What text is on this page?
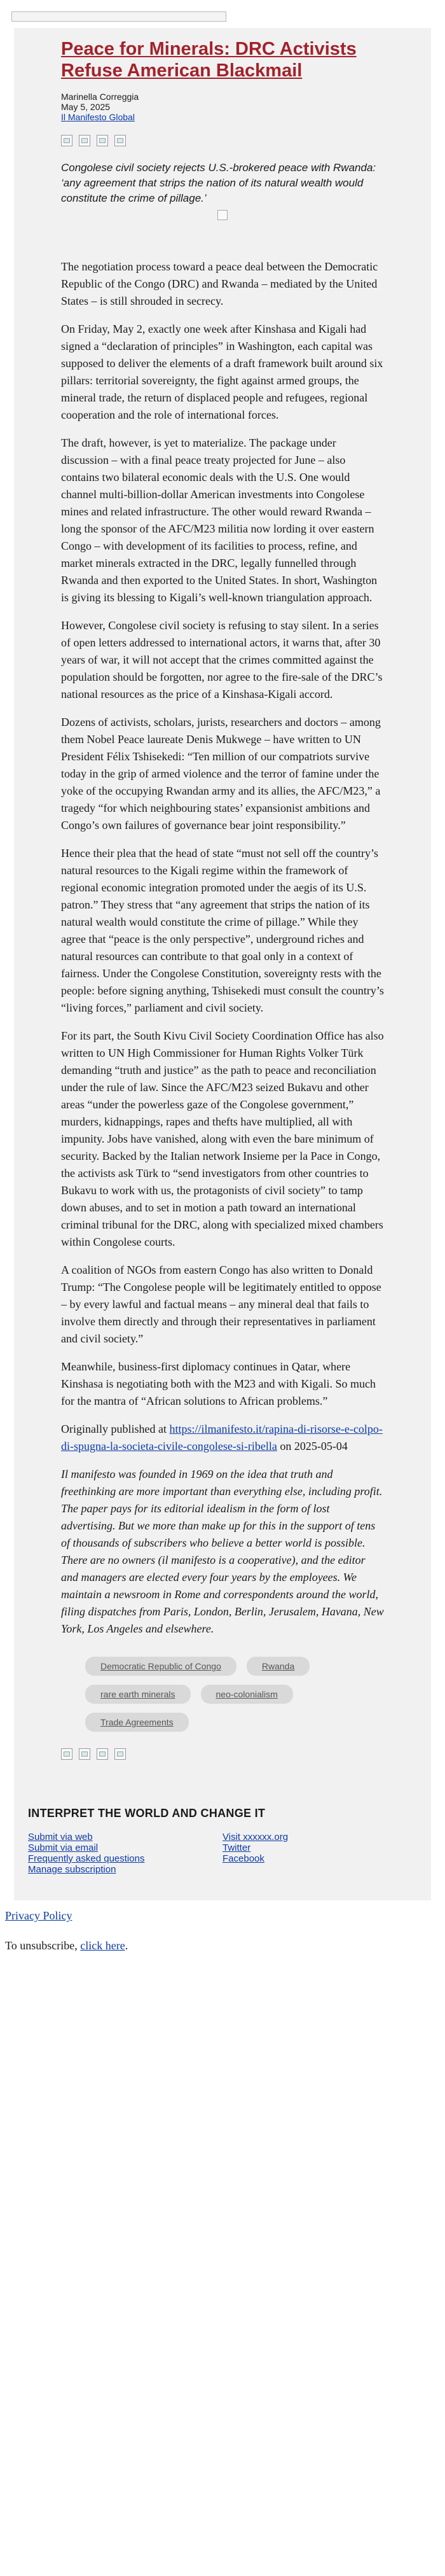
Peace for Minerals: DRC Activists Refuse American Blackmail
Marinella Correggia
May 5, 2025
Il Manifesto Global

Congolese civil society rejects U.S.-brokered peace with Rwanda: ‘any agreement that strips the nation of its natural wealth would constitute the crime of pillage.’

The negotiation process toward a peace deal between the Democratic Republic of the Congo (DRC) and Rwanda – mediated by the United States – is still shrouded in secrecy.

On Friday, May 2, exactly one week after Kinshasa and Kigali had signed a “declaration of principles” in Washington, each capital was supposed to deliver the elements of a draft framework built around six pillars: territorial sovereignty, the fight against armed groups, the mineral trade, the return of displaced people and refugees, regional cooperation and the role of international forces.

The draft, however, is yet to materialize. The package under discussion – with a final peace treaty projected for June – also contains two bilateral economic deals with the U.S. One would channel multi-billion-dollar American investments into Congolese mines and related infrastructure. The other would reward Rwanda – long the sponsor of the AFC/M23 militia now lording it over eastern Congo – with development of its facilities to process, refine, and market minerals extracted in the DRC, legally funnelled through Rwanda and then exported to the United States. In short, Washington is giving its blessing to Kigali’s well-known triangulation approach.

However, Congolese civil society is refusing to stay silent. In a series of open letters addressed to international actors, it warns that, after 30 years of war, it will not accept that the crimes committed against the population should be forgotten, nor agree to the fire-sale of the DRC’s national resources as the price of a Kinshasa-Kigali accord.

Dozens of activists, scholars, jurists, researchers and doctors – among them Nobel Peace laureate Denis Mukwege – have written to UN President Félix Tshisekedi: “Ten million of our compatriots survive today in the grip of armed violence and the terror of famine under the yoke of the occupying Rwandan army and its allies, the AFC/M23,” a tragedy “for which neighbouring states’ expansionist ambitions and Congo’s own failures of governance bear joint responsibility.”

Hence their plea that the head of state “must not sell off the country’s natural resources to the Kigali regime within the framework of regional economic integration promoted under the aegis of its U.S. patron.” They stress that “any agreement that strips the nation of its natural wealth would constitute the crime of pillage.” While they agree that “peace is the only perspective”, underground riches and natural resources can contribute to that goal only in a context of fairness. Under the Congolese Constitution, sovereignty rests with the people: before signing anything, Tshisekedi must consult the country’s “living forces,” parliament and civil society.

For its part, the South Kivu Civil Society Coordination Office has also written to UN High Commissioner for Human Rights Volker Türk demanding “truth and justice” as the path to peace and reconciliation under the rule of law. Since the AFC/M23 seized Bukavu and other areas “under the powerless gaze of the Congolese government,” murders, kidnappings, rapes and thefts have multiplied, all with impunity. Jobs have vanished, along with even the bare minimum of security. Backed by the Italian network Insieme per la Pace in Congo, the activists ask Türk to “send investigators from other countries to Bukavu to work with us, the protagonists of civil society” to tamp down abuses, and to set in motion a path toward an international criminal tribunal for the DRC, along with specialized mixed chambers within Congolese courts.

A coalition of NGOs from eastern Congo has also written to Donald Trump: “The Congolese people will be legitimately entitled to oppose – by every lawful and factual means – any mineral deal that fails to involve them directly and through their representatives in parliament and civil society.”

Meanwhile, business-first diplomacy continues in Qatar, where Kinshasa is negotiating both with the M23 and with Kigali. So much for the mantra of “African solutions to African problems.”

Originally published at https://ilmanifesto.it/rapina-di-risorse-e-colpo-di-spugna-la-societa-civile-congolese-si-ribella on 2025-05-04

Il manifesto was founded in 1969 on the idea that truth and freethinking are more important than everything else, including profit. The paper pays for its editorial idealism in the form of lost advertising. But we more than make up for this in the support of tens of thousands of subscribers who believe a better world is possible. There are no owners (il manifesto is a cooperative), and the editor and managers are elected every four years by the employees. We maintain a newsroom in Rome and correspondents around the world, filing dispatches from Paris, London, Berlin, Jerusalem, Havana, New York, Los Angeles and elsewhere.

Democratic Republic of Congo	Rwanda
rare earth minerals	neo-colonialism
Trade Agreements
INTERPRET THE WORLD AND CHANGE IT
Submit via web
Submit via email
Frequently asked questions
Manage subscription
Visit xxxxxx.org
Twitter
Facebook

Privacy Policy

To unsubscribe, click here.
